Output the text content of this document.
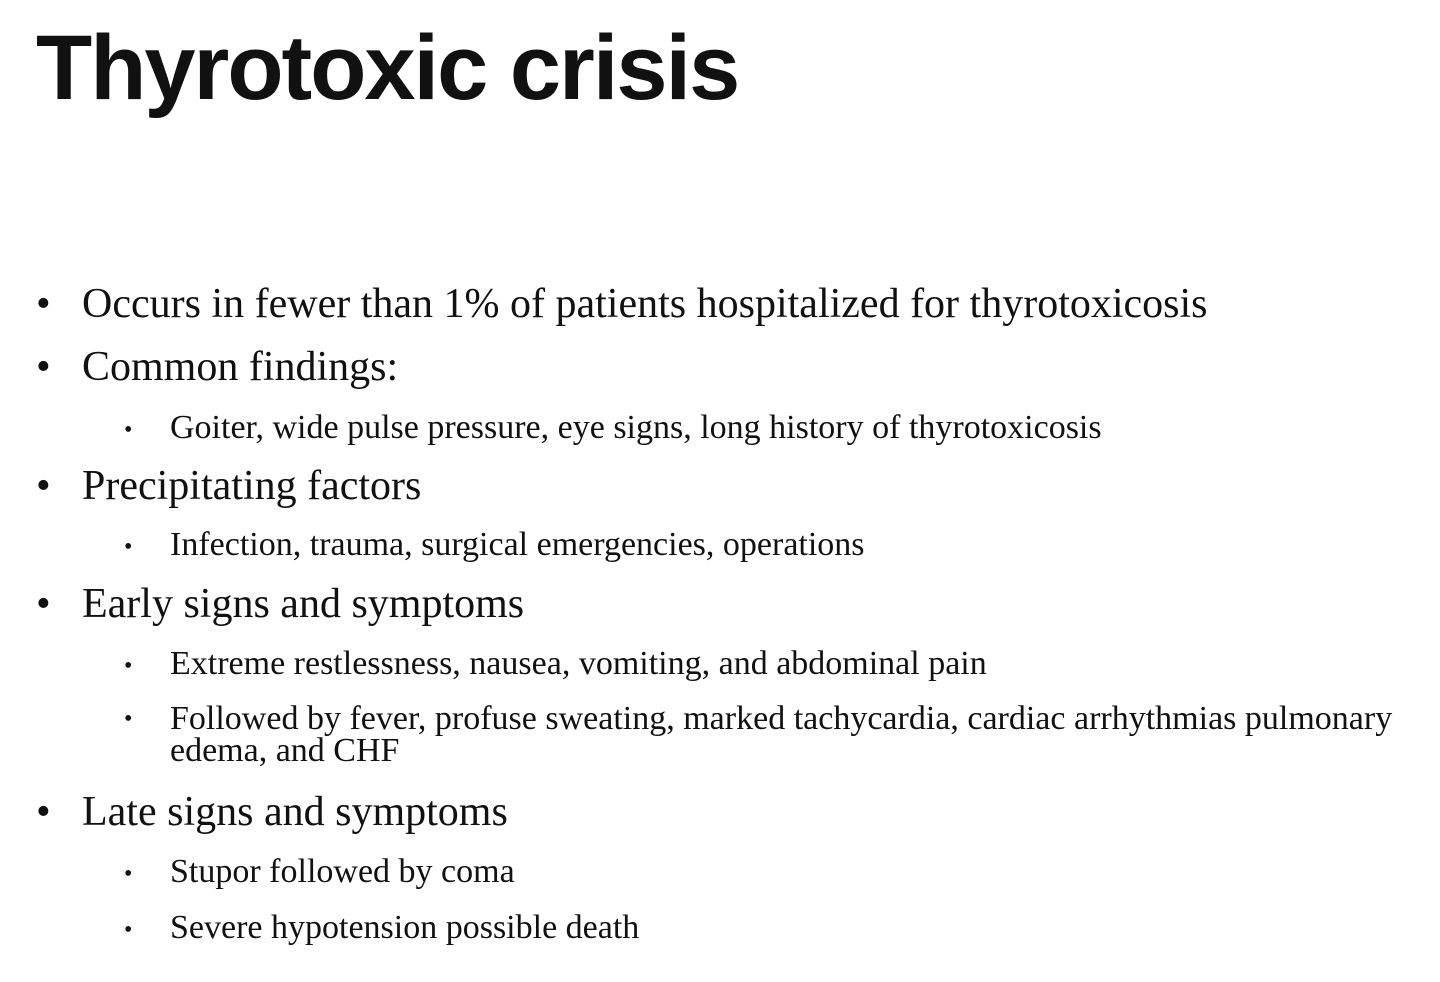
Thyrotoxic crisis
• Occurs in fewer than 1% of patients hospitalized for thyrotoxicosis
• Common findings:
• Goiter, wide pulse pressure, eye signs, long history of thyrotoxicosis
• Precipitating factors
• Infection, trauma, surgical emergencies, operations
• Early signs and symptoms
• Extreme restlessness, nausea, vomiting, and abdominal pain
• Followed by fever, profuse sweating, marked tachycardia, cardiac arrhythmias pulmonary edema, and CHF
• Late signs and symptoms
• Stupor followed by coma
• Severe hypotension possible death
